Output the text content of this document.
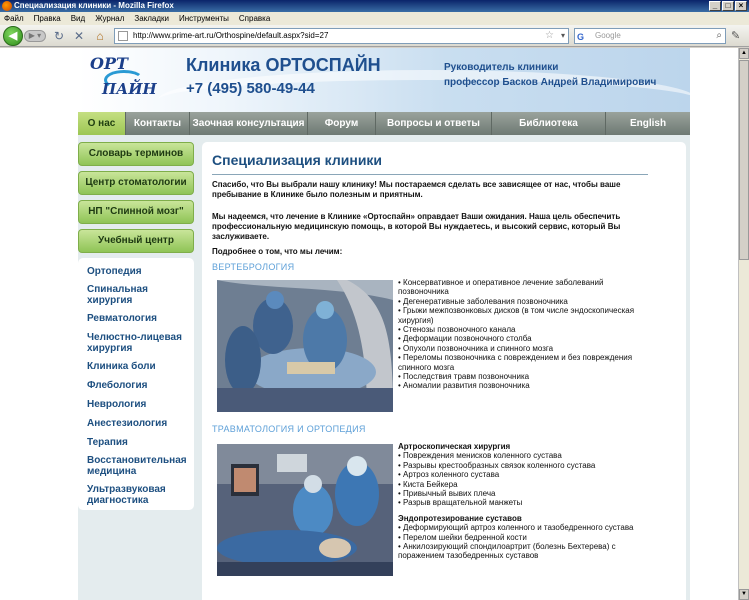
Специализация клиники - Mozilla Firefox	_	□	×
Файл Правка Вид Журнал Закладки Инструменты Справка
◀	▶ ▾	↻ ✕ ⌂	http://www.prime-art.ru/Orthospine/default.aspx?sid=27	☆ ▾ G Google	⌕ ✎
ОРТ
ПАЙН
Клиника ОРТОСПАЙН
+7 (495) 580-49-44
Руководитель клиники
профессор Басков Андрей Владимирович
О нас	Контакты	Заочная консультация	Форум	Вопросы и ответы	Библиотека	English
Словарь терминов
Центр стоматологии
НП "Спинной мозг"
Учебный центр
Ортопедия
Спинальная хирургия
Ревматология
Челюстно-лицевая хирургия
Клиника боли
Флебология
Неврология
Анестезиология
Терапия
Восстановительная медицина
Ультразвуковая диагностика
Специализация клиники
Спасибо, что Вы выбрали нашу клинику! Мы постараемся сделать все зависящее от нас, чтобы ваше пребывание в Клинике было полезным и приятным.
Мы надеемся, что лечение в Клинике «Ортоспайн» оправдает Ваши ожидания. Наша цель обеспечить профессиональную медицинскую помощь, в которой Вы нуждаетесь, и высокий сервис, который Вы заслуживаете.
Подробнее о том, что мы лечим:
ВЕРТЕБРОЛОГИЯ

• Консервативное и оперативное лечение заболеваний позвоночника

• Дегенеративные заболевания позвоночника

• Грыжи межпозвонковых дисков (в том числе эндоскопическая хирургия)

• Стенозы позвоночного канала

• Деформации позвоночного столба

• Опухоли позвоночника и спинного мозга

• Переломы позвоночника с повреждением и без повреждения спинного мозга

• Последствия травм позвоночника

• Аномалии развития позвоночника

ТРАВМАТОЛОГИЯ И ОРТОПЕДИЯ

Артроскопическая хирургия

• Повреждения менисков коленного сустава

• Разрывы крестообразных связок коленного сустава

• Артроз коленного сустава

• Киста Бейкера

• Привычный вывих плеча

• Разрыв вращательной манжеты

Эндопротезирование суставов

• Деформирующий артроз коленного и тазобедренного сустава

• Перелом шейки бедренной кости

• Анкилозирующий спондилоартрит (болезнь Бехтерева) с поражением тазобедренных суставов

▲
▼
